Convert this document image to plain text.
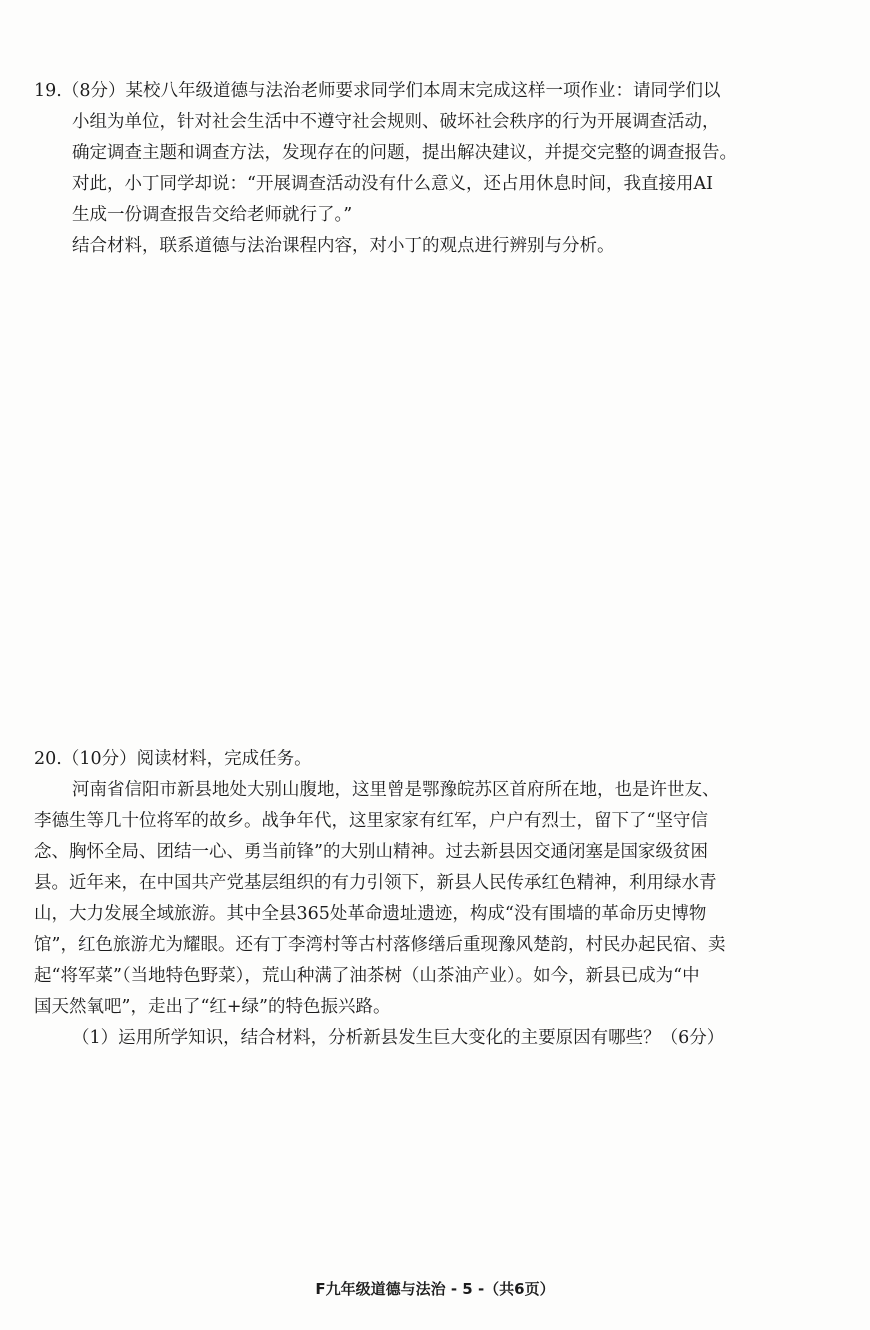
19.（8分）某校八年级道德与法治老师要求同学们本周末完成这样一项作业：请同学们以
小组为单位，针对社会生活中不遵守社会规则、破坏社会秩序的行为开展调查活动，
确定调查主题和调查方法，发现存在的问题，提出解决建议，并提交完整的调查报告。
对此，小丁同学却说：“开展调查活动没有什么意义，还占用休息时间，我直接用AI
生成一份调查报告交给老师就行了。”
结合材料，联系道德与法治课程内容，对小丁的观点进行辨别与分析。
20.（10分）阅读材料，完成任务。
河南省信阳市新县地处大别山腹地，这里曾是鄂豫皖苏区首府所在地，也是许世友、
李德生等几十位将军的故乡。战争年代，这里家家有红军，户户有烈士，留下了“坚守信
念、胸怀全局、团结一心、勇当前锋”的大别山精神。过去新县因交通闭塞是国家级贫困
县。近年来，在中国共产党基层组织的有力引领下，新县人民传承红色精神，利用绿水青
山，大力发展全域旅游。其中全县365处革命遗址遗迹，构成“没有围墙的革命历史博物
馆”，红色旅游尤为耀眼。还有丁李湾村等古村落修缮后重现豫风楚韵，村民办起民宿、卖
起“将军菜”（当地特色野菜），荒山种满了油茶树（山茶油产业）。如今，新县已成为“中
国天然氧吧”，走出了“红+绿”的特色振兴路。
（1）运用所学知识，结合材料，分析新县发生巨大变化的主要原因有哪些？（6分）
F九年级道德与法治 - 5 -（共6页）
